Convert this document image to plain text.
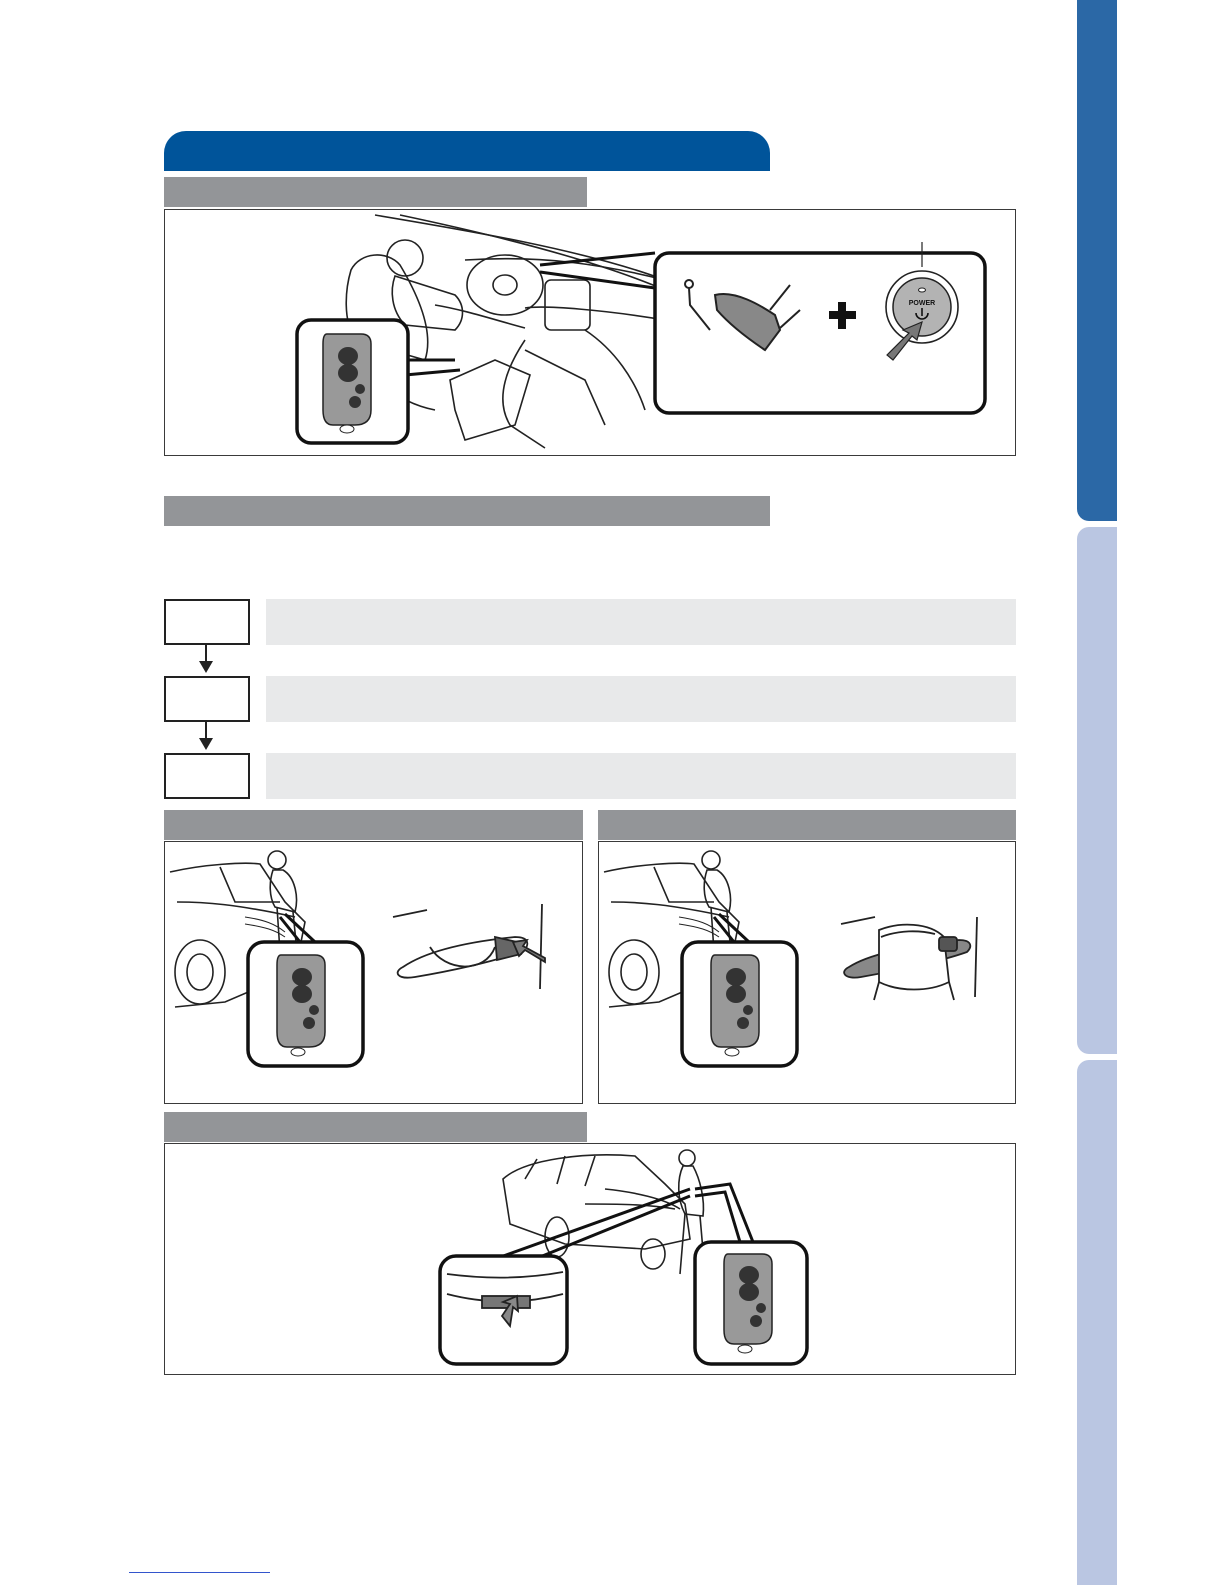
POWER
